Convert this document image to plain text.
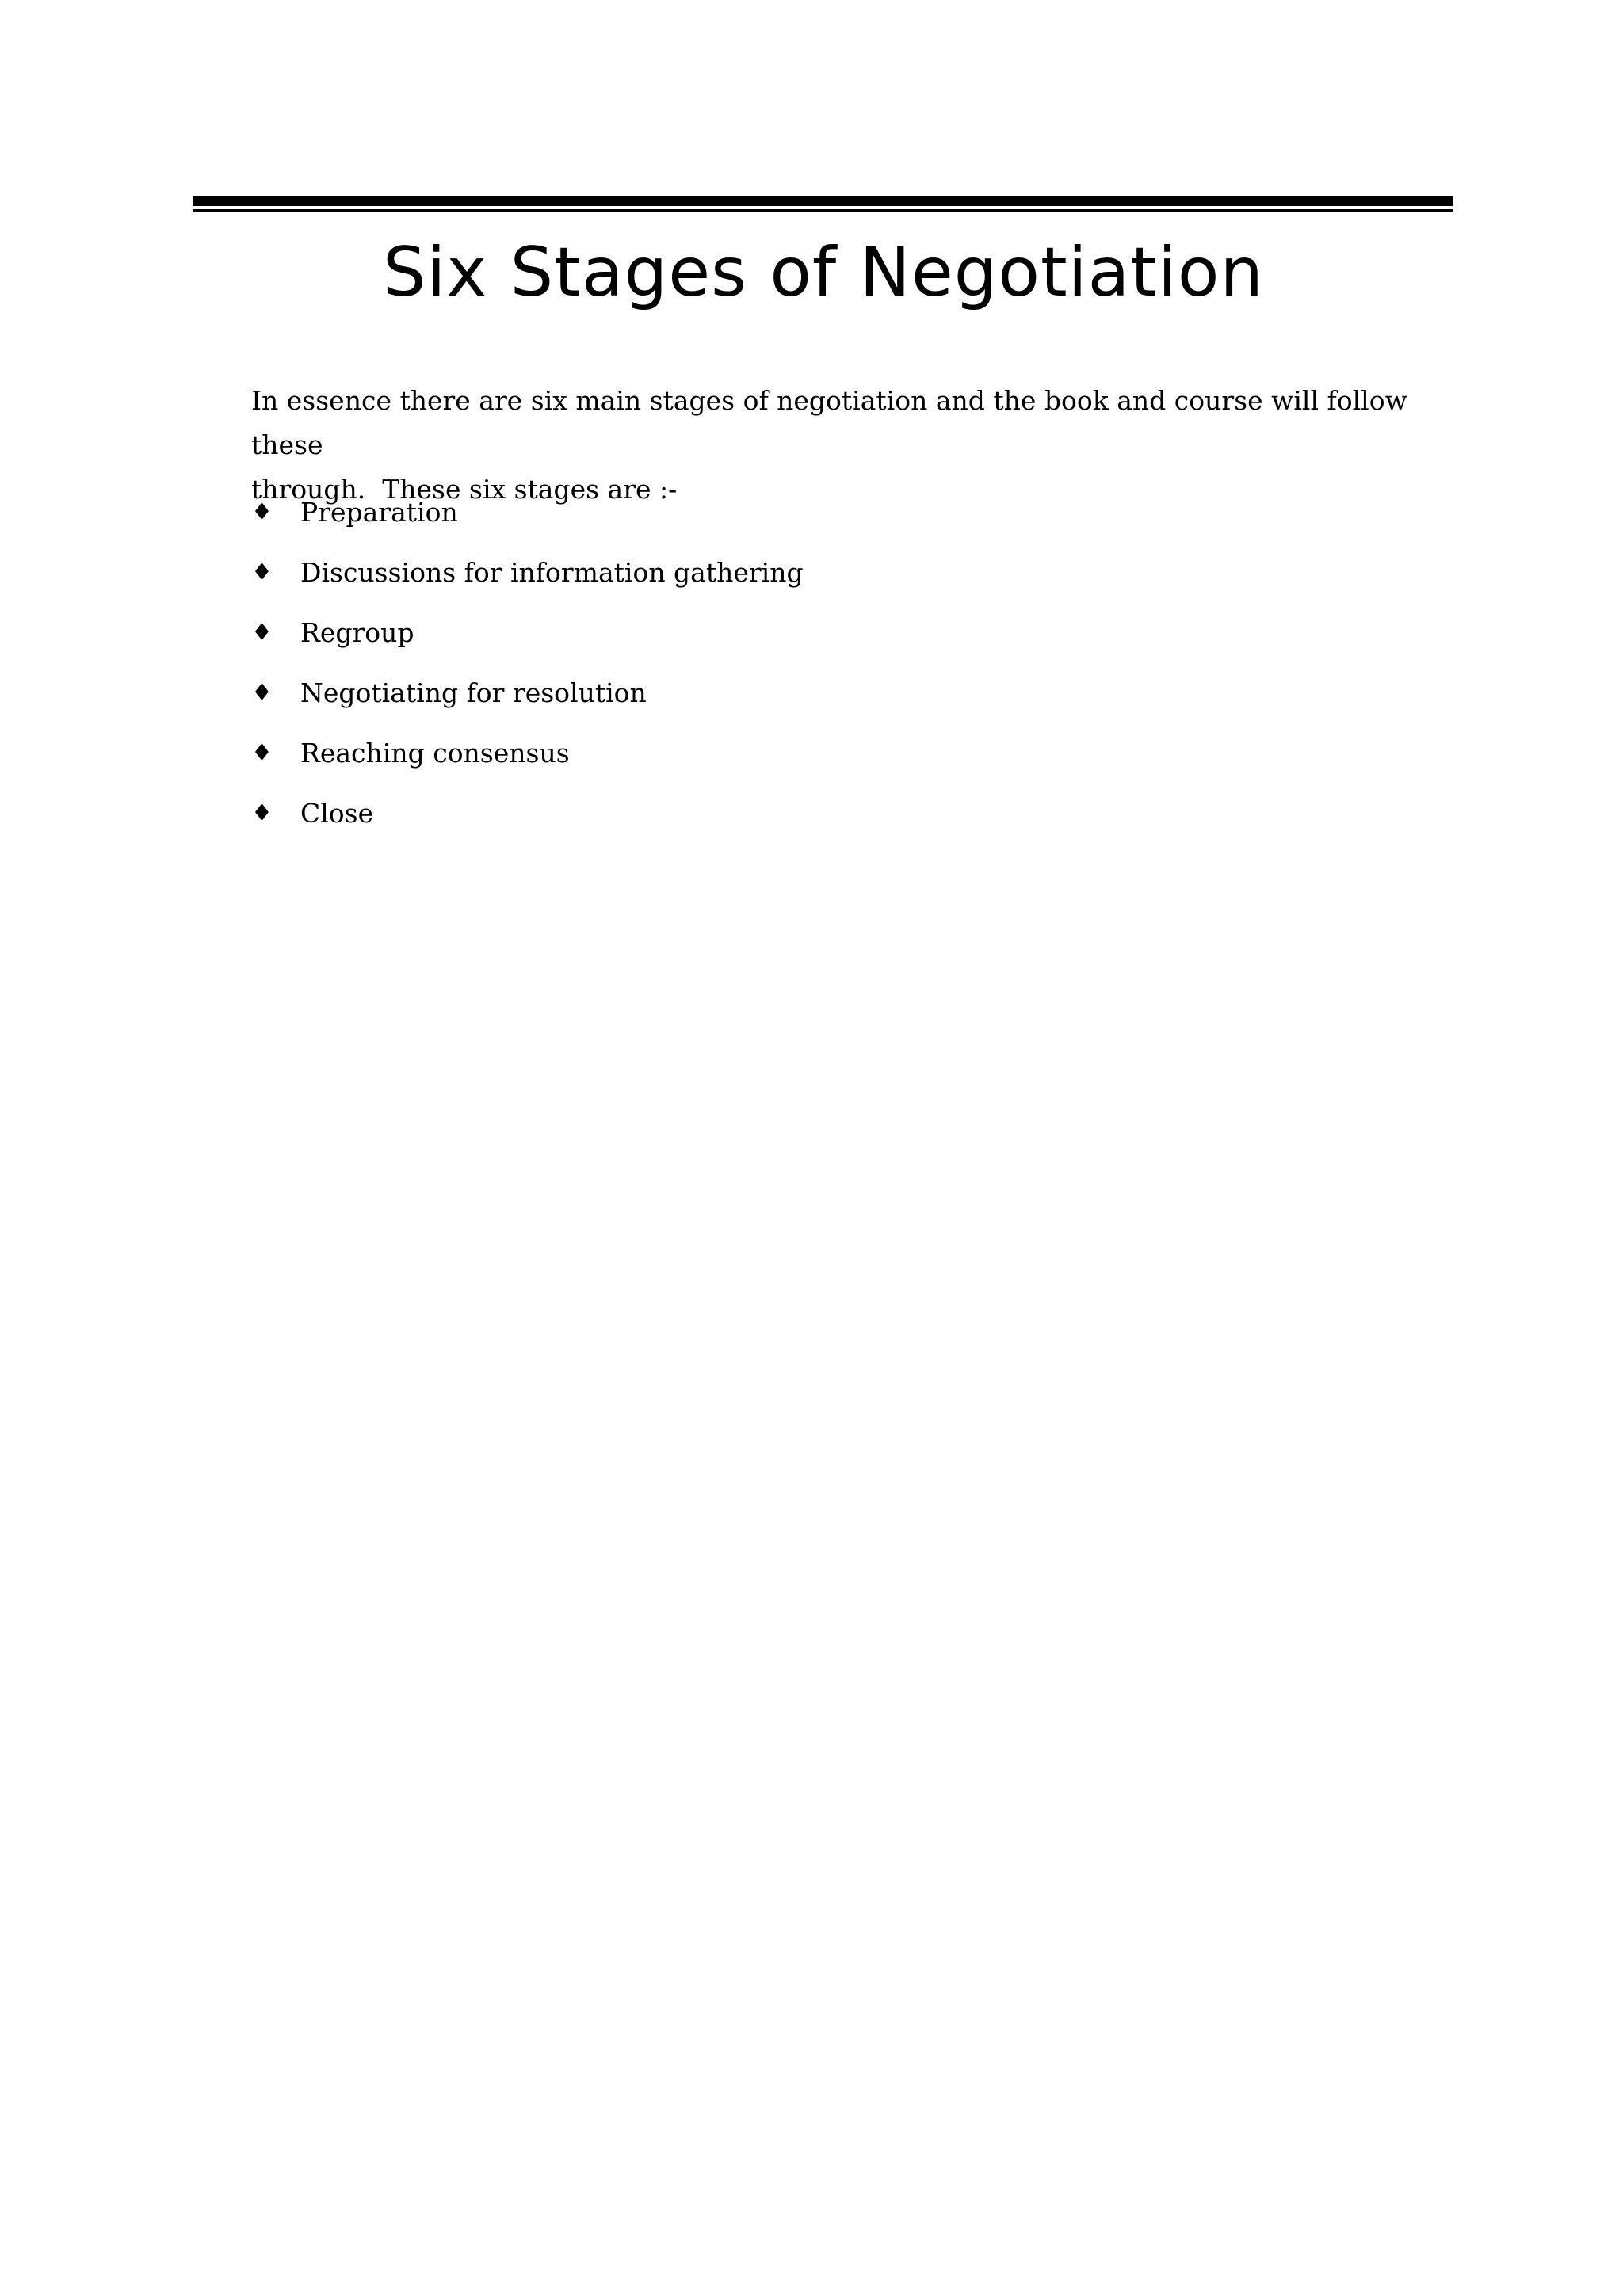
Six Stages of Negotiation

In essence there are six main stages of negotiation and the book and course will follow these
through.  These six stages are :-

♦ Preparation
♦ Discussions for information gathering
♦ Regroup
♦ Negotiating for resolution
♦ Reaching consensus
♦ Close
